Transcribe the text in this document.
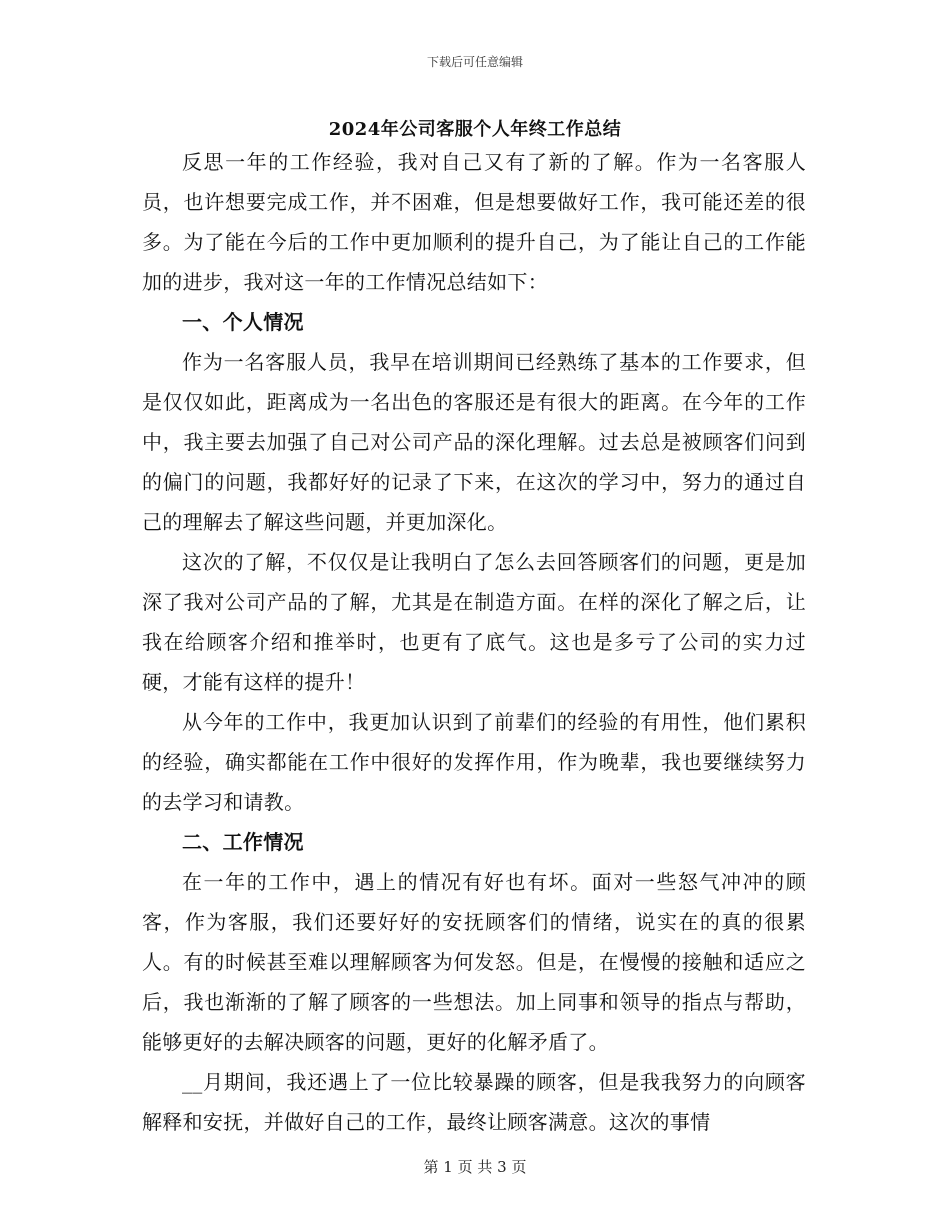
下载后可任意编辑
2024年公司客服个人年终工作总结

反思一年的工作经验，我对自己又有了新的了解。作为一名客服人员，也许想要完成工作，并不困难，但是想要做好工作，我可能还差的很多。为了能在今后的工作中更加顺利的提升自己，为了能让自己的工作能加的进步，我对这一年的工作情况总结如下：

一、个人情况

作为一名客服人员，我早在培训期间已经熟练了基本的工作要求，但是仅仅如此，距离成为一名出色的客服还是有很大的距离。在今年的工作中，我主要去加强了自己对公司产品的深化理解。过去总是被顾客们问到的偏门的问题，我都好好的记录了下来，在这次的学习中，努力的通过自己的理解去了解这些问题，并更加深化。

这次的了解，不仅仅是让我明白了怎么去回答顾客们的问题，更是加深了我对公司产品的了解，尤其是在制造方面。在样的深化了解之后，让我在给顾客介绍和推举时，也更有了底气。这也是多亏了公司的实力过硬，才能有这样的提升！

从今年的工作中，我更加认识到了前辈们的经验的有用性，他们累积的经验，确实都能在工作中很好的发挥作用，作为晚辈，我也要继续努力的去学习和请教。

二、工作情况

在一年的工作中，遇上的情况有好也有坏。面对一些怒气冲冲的顾客，作为客服，我们还要好好的安抚顾客们的情绪，说实在的真的很累人。有的时候甚至难以理解顾客为何发怒。但是，在慢慢的接触和适应之后，我也渐渐的了解了顾客的一些想法。加上同事和领导的指点与帮助，能够更好的去解决顾客的问题，更好的化解矛盾了。

__月期间，我还遇上了一位比较暴躁的顾客，但是我我努力的向顾客解释和安抚，并做好自己的工作，最终让顾客满意。这次的事情

第 1 页 共 3 页
